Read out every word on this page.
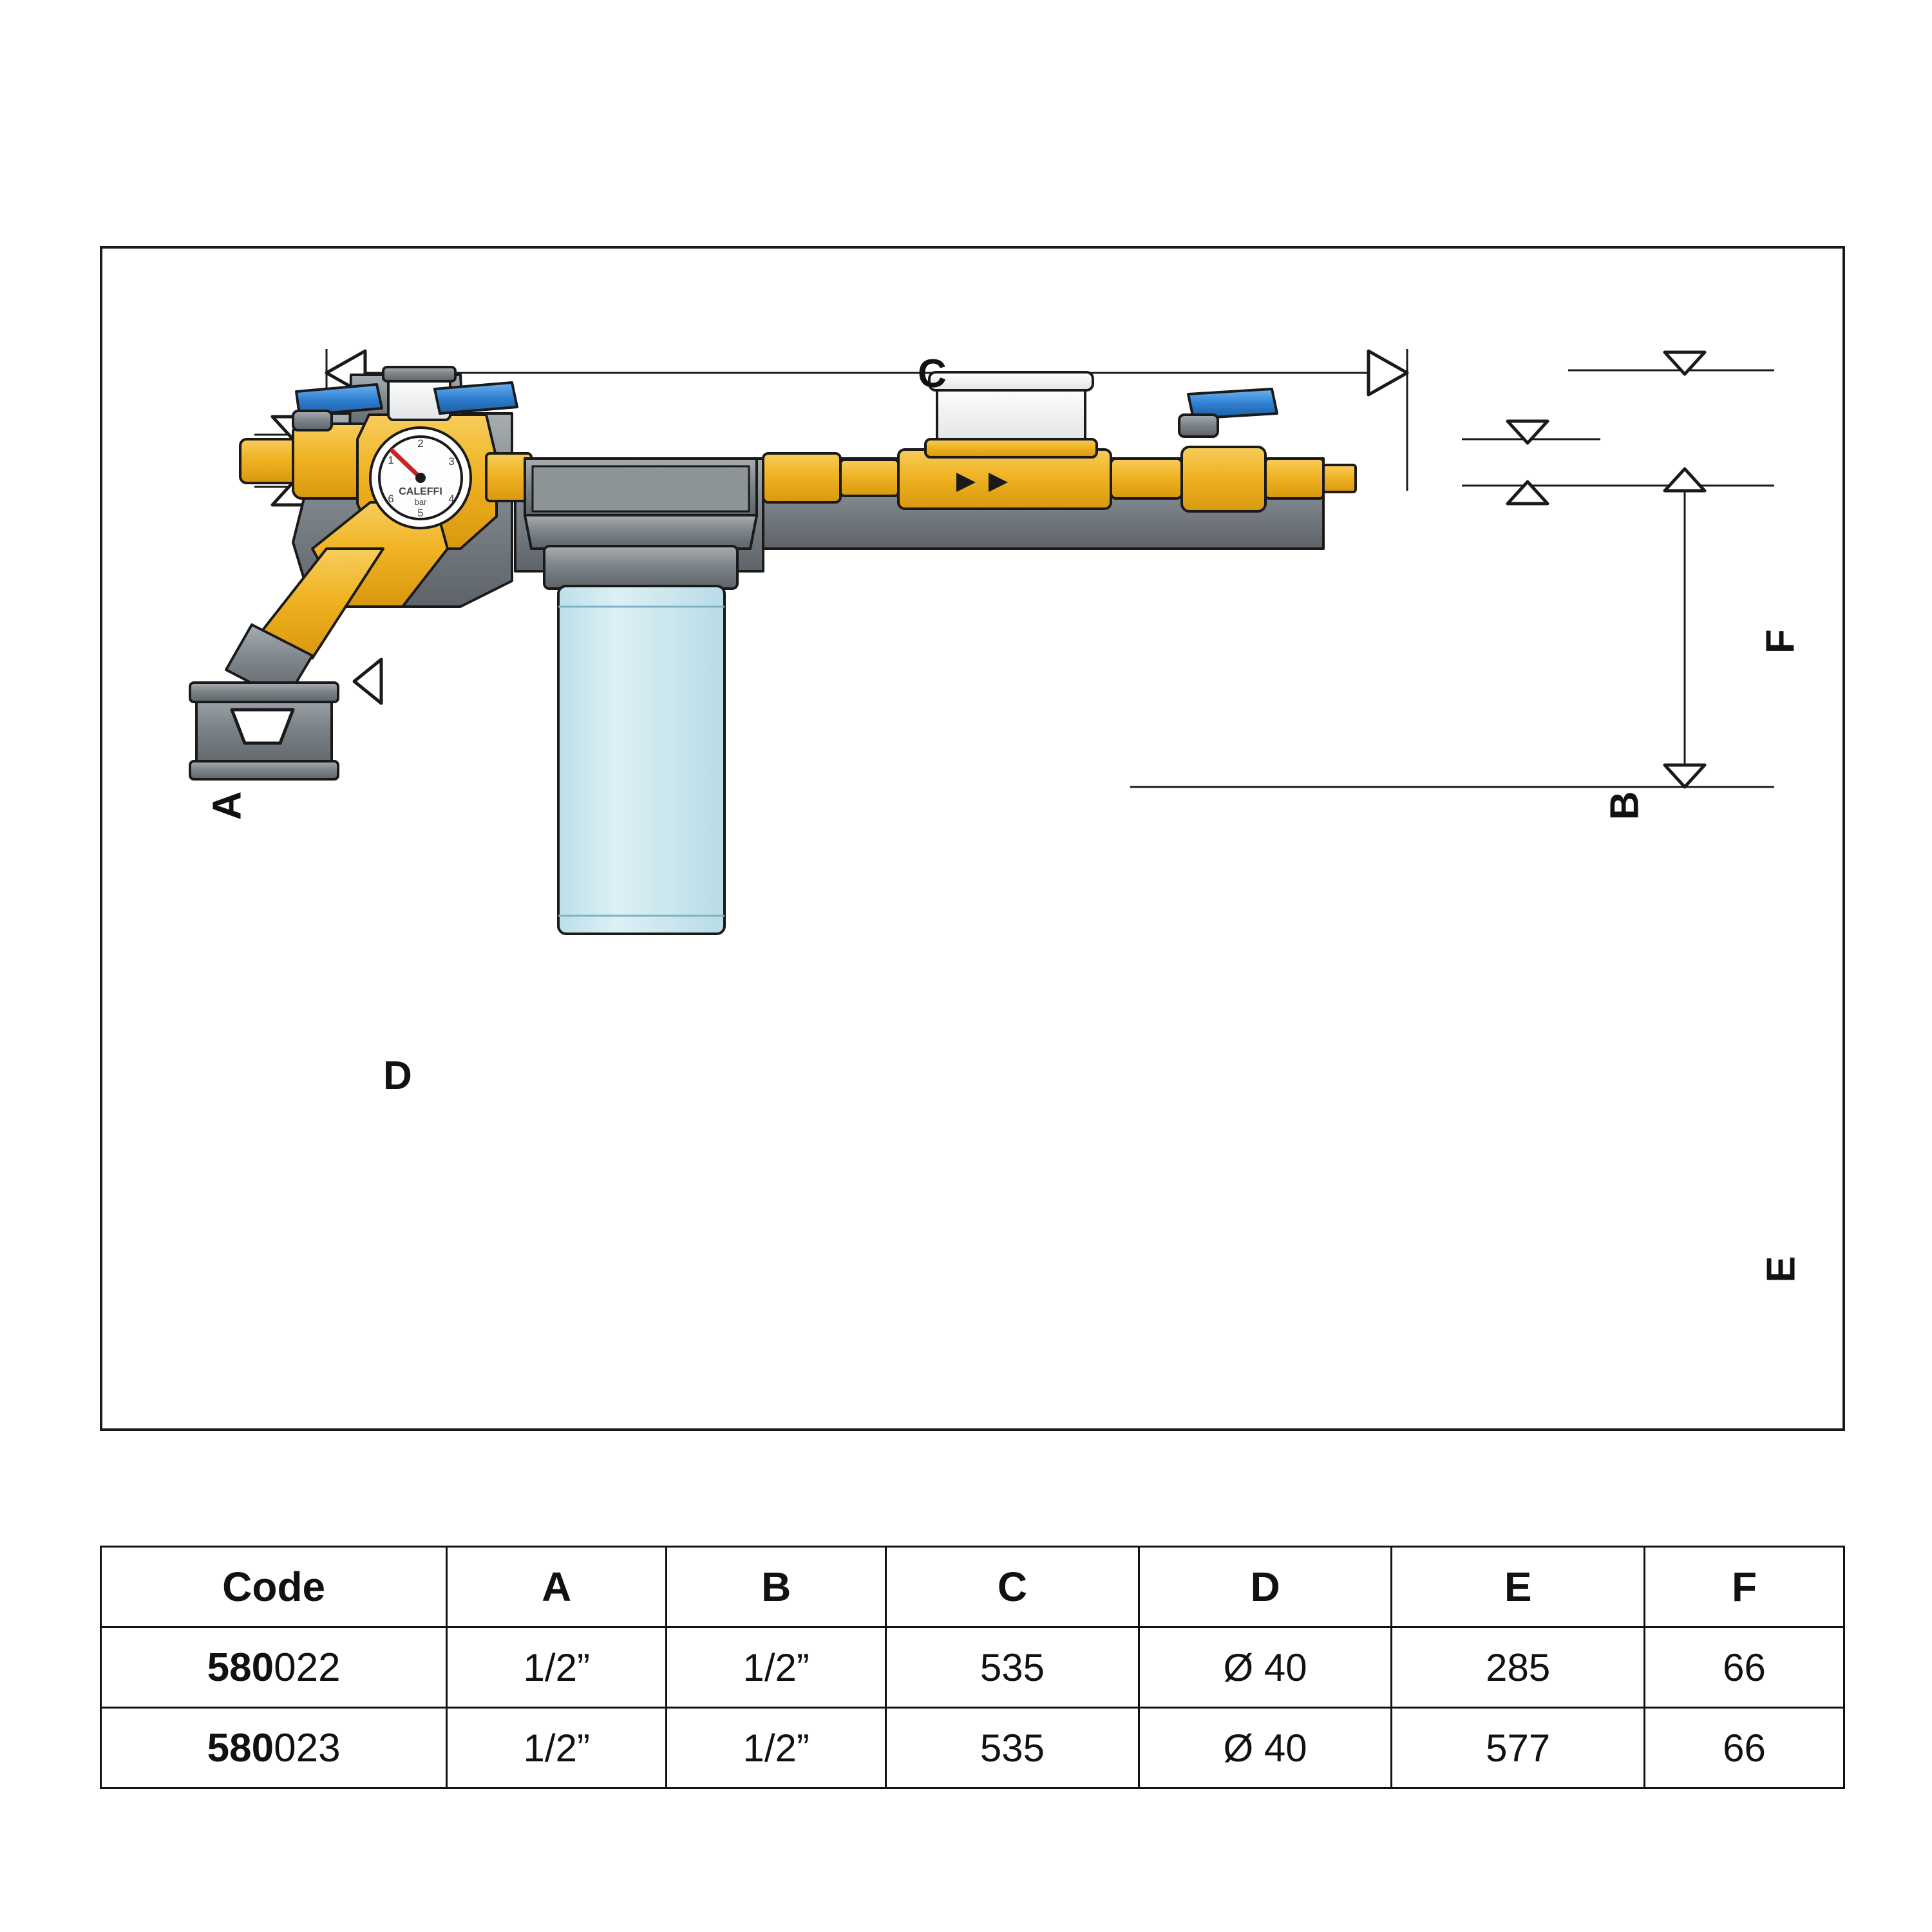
2
3
4
5
6
1
CALEFFI
bar
C
A	B
F
E
D
Code	A	B	C	D	E	F
580022	1/2”	1/2”	535	Ø 40	285	66
580023	1/2”	1/2”	535	Ø 40	577	66
